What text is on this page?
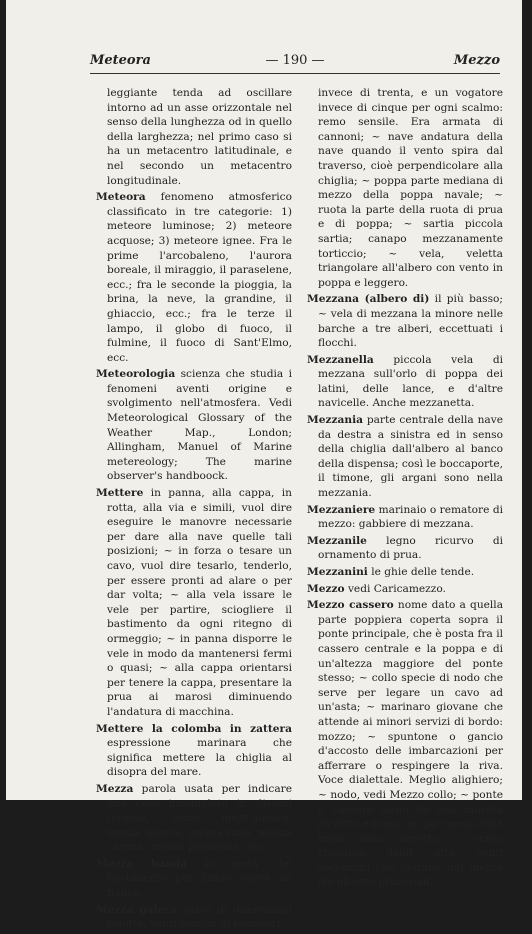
Meteora	— 190 —	Mezzo

leggiante tenda ad oscillare intorno ad un asse orizzontale nel senso della lunghezza od in quello della larghezza; nel primo caso si ha un metacentro latitudinale, e nel secondo un metacentro longitudinale.

Meteora fenomeno atmosferico classificato in tre categorie: 1) meteore luminose; 2) meteore acquose; 3) meteore ignee. Fra le prime l'arcobaleno, l'aurora boreale, il miraggio, il paraselene, ecc.; fra le seconde la pioggia, la brina, la neve, la grandine, il ghiaccio, ecc.; fra le terze il lampo, il globo di fuoco, il fulmine, il fuoco di Sant'Elmo, ecc.

Meteorologia scienza che studia i fenomeni aventi origine e svolgimento nell'atmosfera. Vedi Meteorological Glossary of the Weather Map., London; Allingham, Manuel of Marine metereology; The marine observer's handboock.

Mettere in panna, alla cappa, in rotta, alla via e simili, vuol dire eseguire le manovre necessarie per dare alla nave quelle tali posizioni; ~ in forza o tesare un cavo, vuol dire tesarlo, tenderlo, per essere pronti ad alare o per dar volta; ~ alla vela issare le vele per partire, sciogliere il bastimento da ogni ritegno di ormeggio; ~ in panna disporre le vele in modo da mantenersi fermi o quasi; ~ alla cappa orientarsi per tenere la cappa, presentare la prua ai marosi diminuendo l'andatura di macchina.

Mettere la colomba in zattera espressione marinara che significa mettere la chiglia al disopra del mare.

Mezza parola usata per indicare una cosa incompleta in diversi termini, come mezz'ancora, mezza quarta, mezza luna, mezza carena, mezza pressione, ecc.

Mezza banda la metà del bastimento per lungo sopra un fianco.

Mezza galera galea di dimensioni ridotte; venti banchi di rematori

invece di trenta, e un vogatore invece di cinque per ogni scalmo: remo sensile. Era armata di cannoni; ~ nave andatura della nave quando il vento spira dal traverso, cioè perpendicolare alla chiglia; ~ poppa parte mediana di mezzo della poppa navale; ~ ruota la parte della ruota di prua e di poppa; ~ sartia piccola sartia; canapo mezzanamente torticcio; ~ vela, veletta triangolare all'albero con vento in poppa e leggero.

Mezzana (albero di) il più basso; ~ vela di mezzana la minore nelle barche a tre alberi, eccettuati i flocchi.

Mezzanella piccola vela di mezzana sull'orlo di poppa dei latini, delle lance, e d'altre navicelle. Anche mezzanetta.

Mezzania parte centrale della nave da destra a sinistra ed in senso della chiglia dall'albero al banco della dispensa; così le boccaporte, il timone, gli argani sono nella mezzania.

Mezzaniere marinaio o rematore di mezzo: gabbiere di mezzana.

Mezzanile legno ricurvo di ornamento di prua.

Mezzanini le ghie delle tende.

Mezzo vedi Caricamezzo.

Mezzo cassero nome dato a quella parte poppiera coperta sopra il ponte principale, che è posta fra il cassero centrale e la poppa e di un'altezza maggiore del ponte stesso; ~ collo specie di nodo che serve per legare un cavo ad un'asta; ~ marinaro giovane che attende ai minori servizi di bordo: mozzo; ~ spuntone o gancio d'accosto delle imbarcazioni per afferrare o respingere la riva. Voce dialettale. Meglio alighiero; ~ nodo, vedi Mezzo collo; ~ ponte il cassero largo da una murata all'altra e lungo un po' meno della metà della corvetta; ~ vento ciascuno degli otto venti secondari che spirano dal mezzo fra gli otto principali.
